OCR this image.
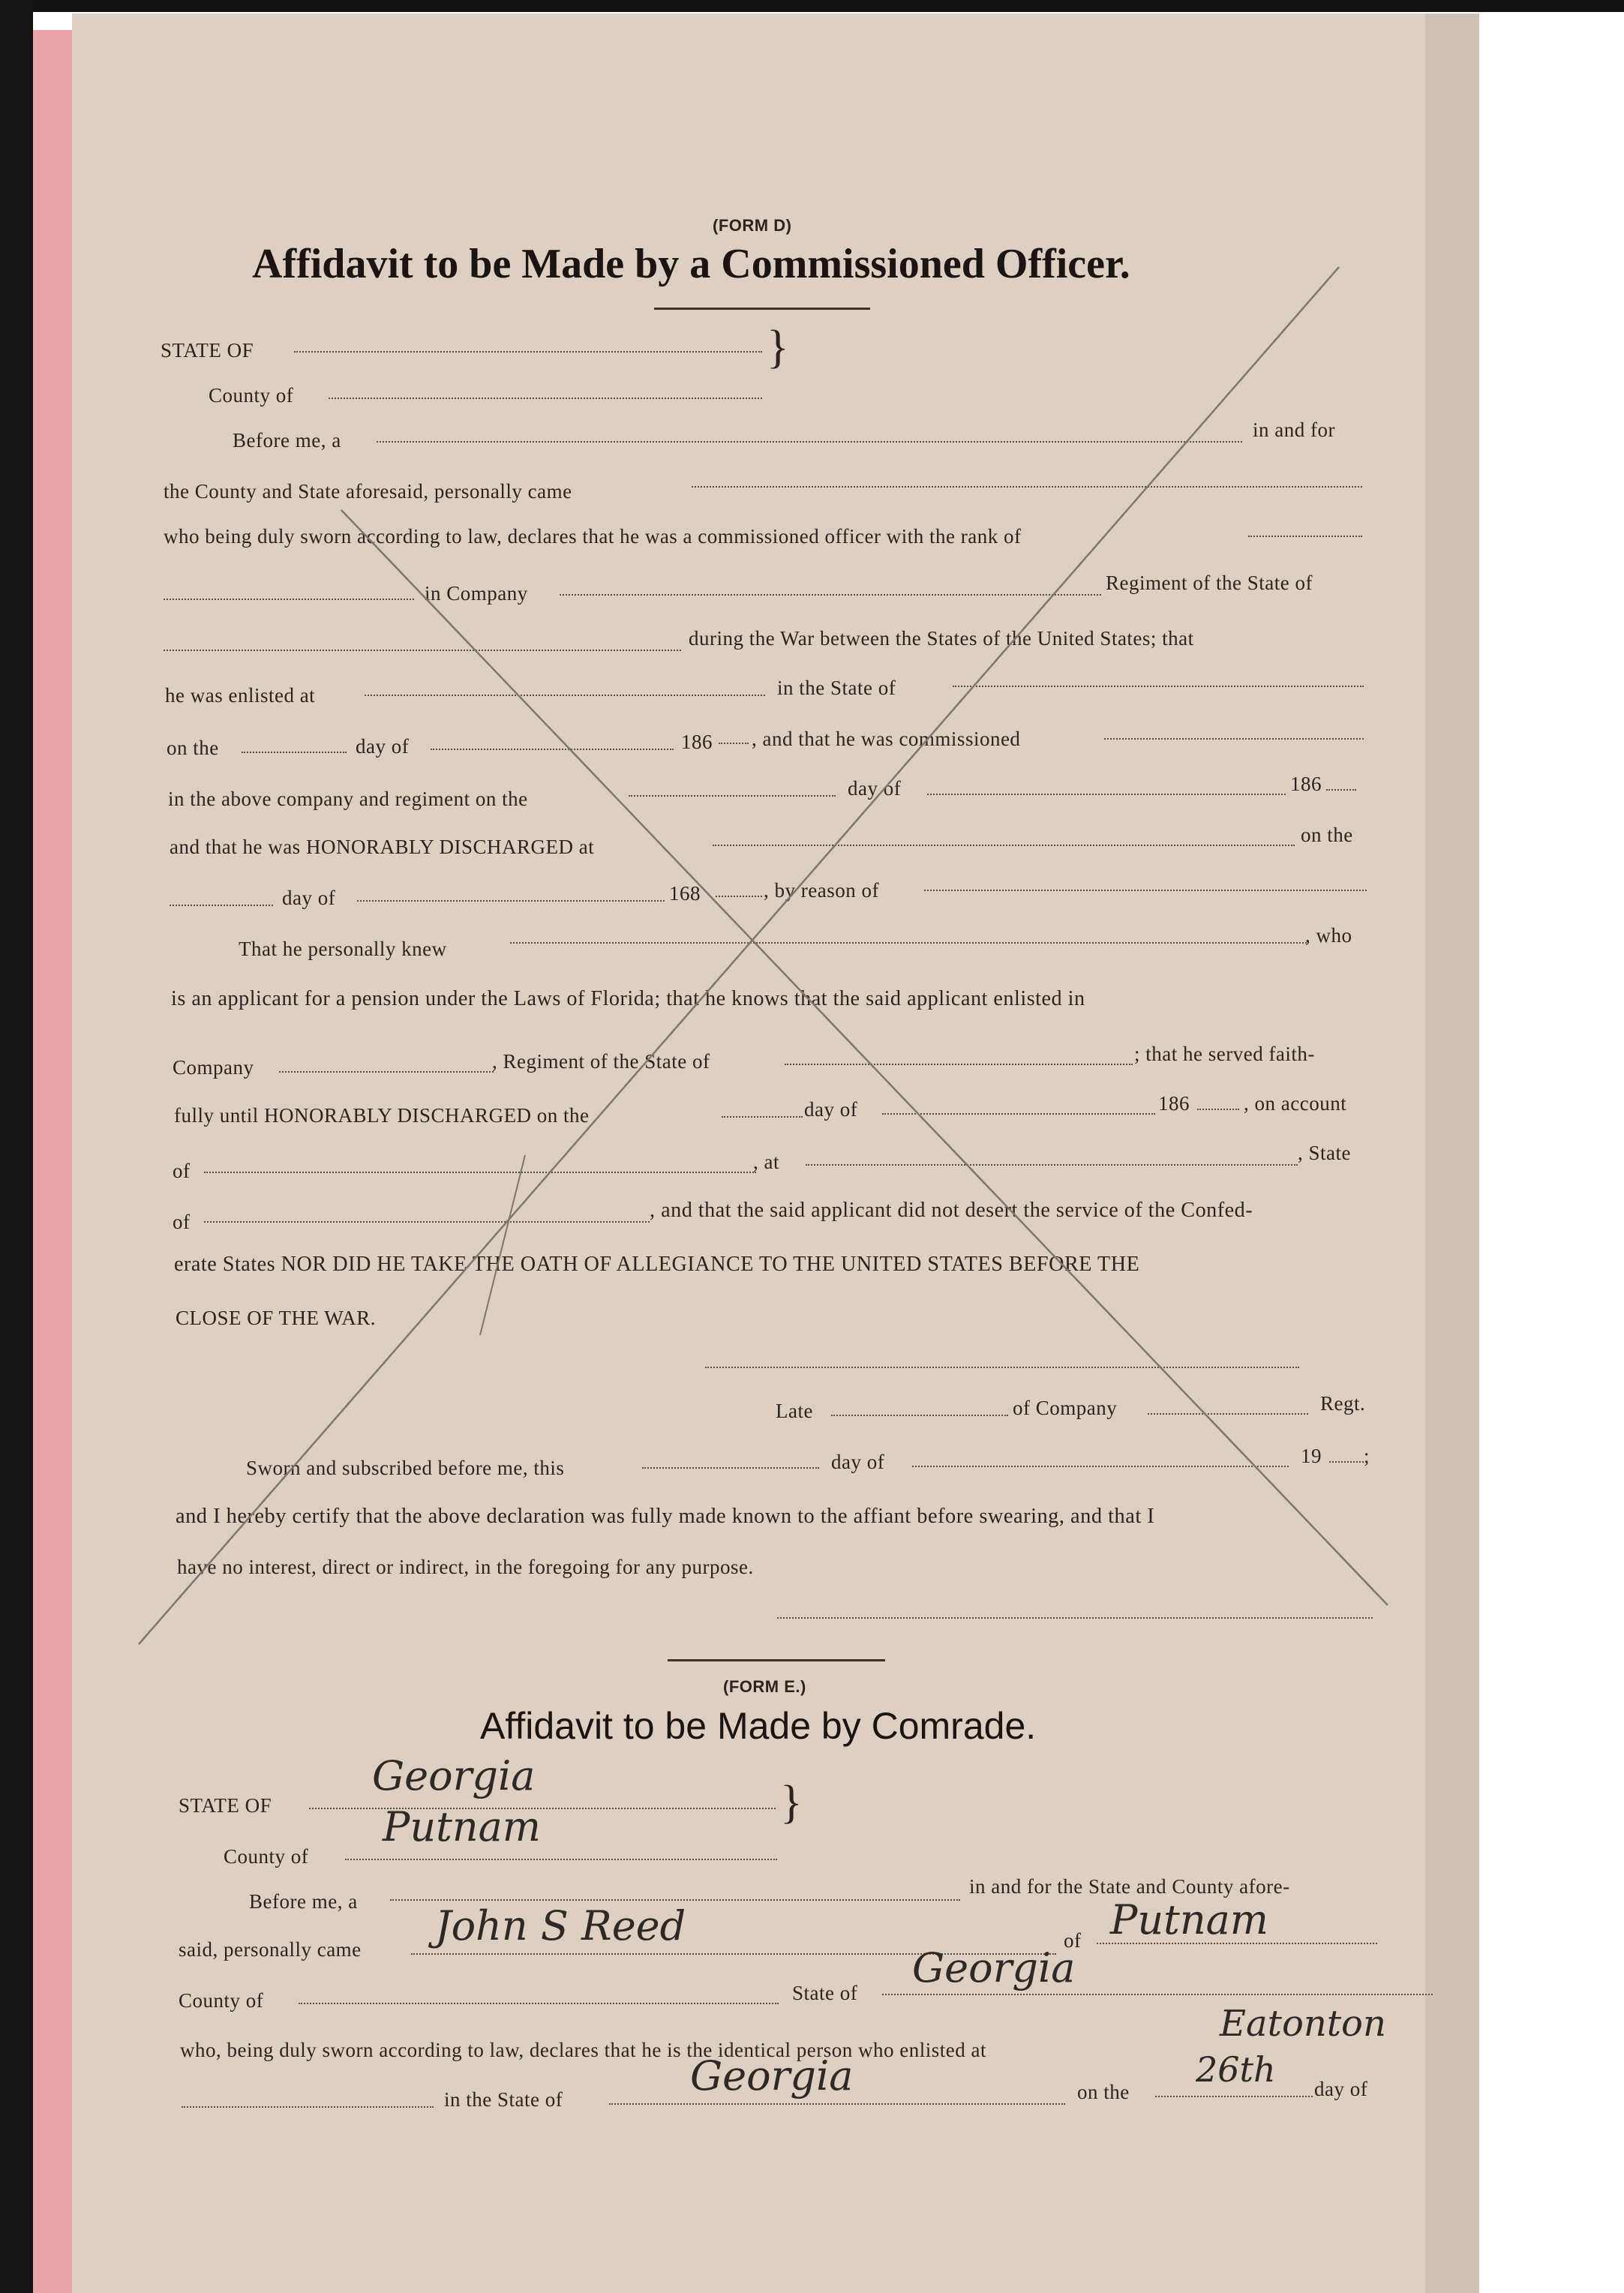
(FORM D)
Affidavit to be Made by a Commissioned Officer.
STATE OF	}
County of
Before me, a	in and for
the County and State aforesaid, personally came
who being duly sworn according to law, declares that he was a commissioned officer with the rank of
in Company	Regiment of the State of
during the War between the States of the United States; that
he was enlisted at	in the State of
on the	day of	186 , and that he was commissioned
in the above company and regiment on the	day of	186
and that he was HONORABLY DISCHARGED at
on the
day of	168	, by reason of
That he personally knew
, who
is an applicant for a pension under the Laws of Florida; that he knows that the said applicant enlisted in
Company	, Regiment of the State of	; that he served faith-
fully until HONORABLY DISCHARGED on the	day of	186	, on account
of	, at	, State
of	, and that the said applicant did not desert the service of the Confed-
erate States NOR DID HE TAKE THE OATH OF ALLEGIANCE TO THE UNITED STATES BEFORE THE
CLOSE OF THE WAR.
Late	of Company	Regt.
Sworn and subscribed before me, this	day of	19 ;
and I hereby certify that the above declaration was fully made known to the affiant before swearing, and that I
have no interest, direct or indirect, in the foregoing for any purpose.
(FORM E.)
Affidavit to be Made by Comrade.
STATE OF
Georgia
}
County of
Putnam
Before me, a
in and for the State and County afore-
said, personally came John S Reed	of Putnam
County of	State of
Georgia
who, being duly sworn according to law, declares that he is the identical person who enlisted at
Eatonton
in the State of	Georgia	on the
26th day of
